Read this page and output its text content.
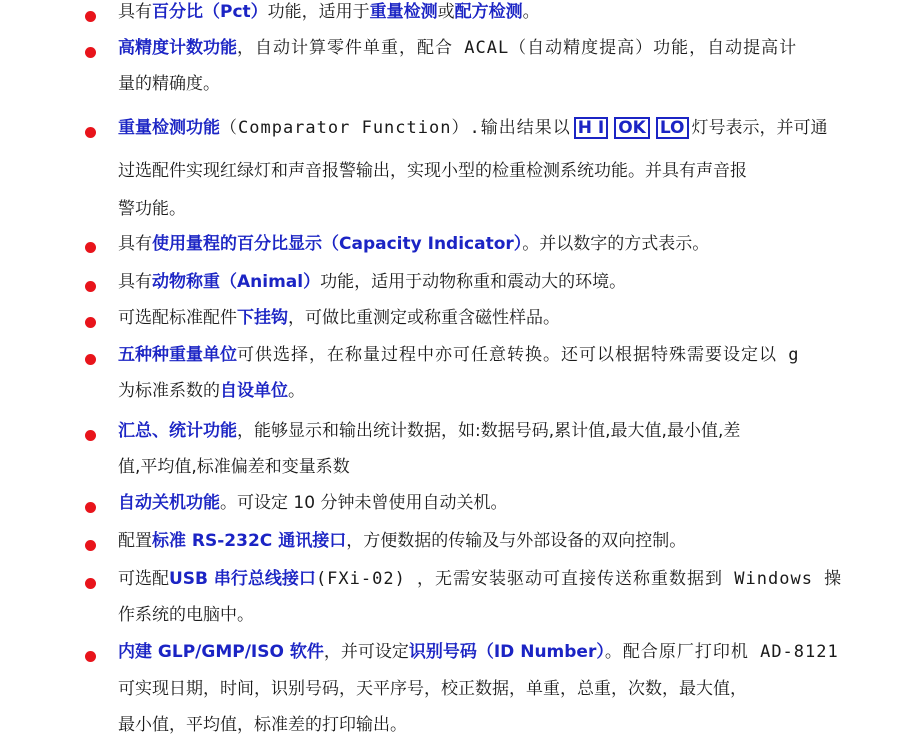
具有百分比（Pct）功能，适用于重量检测或配方检测。
高精度计数功能，自动计算零件单重，配合 ACAL（自动精度提高）功能，自动提高计
量的精确度。
重量检测功能（Comparator Function）.输出结果以 H I OK LO 灯号表示，并可通
过选配件实现红绿灯和声音报警输出，实现小型的检重检测系统功能。并具有声音报
警功能。
具有使用量程的百分比显示（Capacity Indicator）。并以数字的方式表示。
具有动物称重（Animal）功能，适用于动物称重和震动大的环境。
可选配标准配件下挂钩，可做比重测定或称重含磁性样品。
五种种重量单位可供选择，在称量过程中亦可任意转换。还可以根据特殊需要设定以 g
为标准系数的自设单位。
汇总、统计功能，能够显示和输出统计数据，如:数据号码,累计值,最大值,最小值,差
值,平均值,标准偏差和变量系数
自动关机功能。可设定 10 分钟未曾使用自动关机。
配置标准 RS-232C 通讯接口，方便数据的传输及与外部设备的双向控制。
可选配USB 串行总线接口(FXi-02) ，无需安装驱动可直接传送称重数据到 Windows 操
作系统的电脑中。
内建 GLP/GMP/ISO 软件，并可设定识别号码（ID Number）。配合原厂打印机 AD-8121
可实现日期，时间，识别号码，天平序号，校正数据，单重，总重，次数，最大值，
最小值，平均值，标准差的打印输出。
